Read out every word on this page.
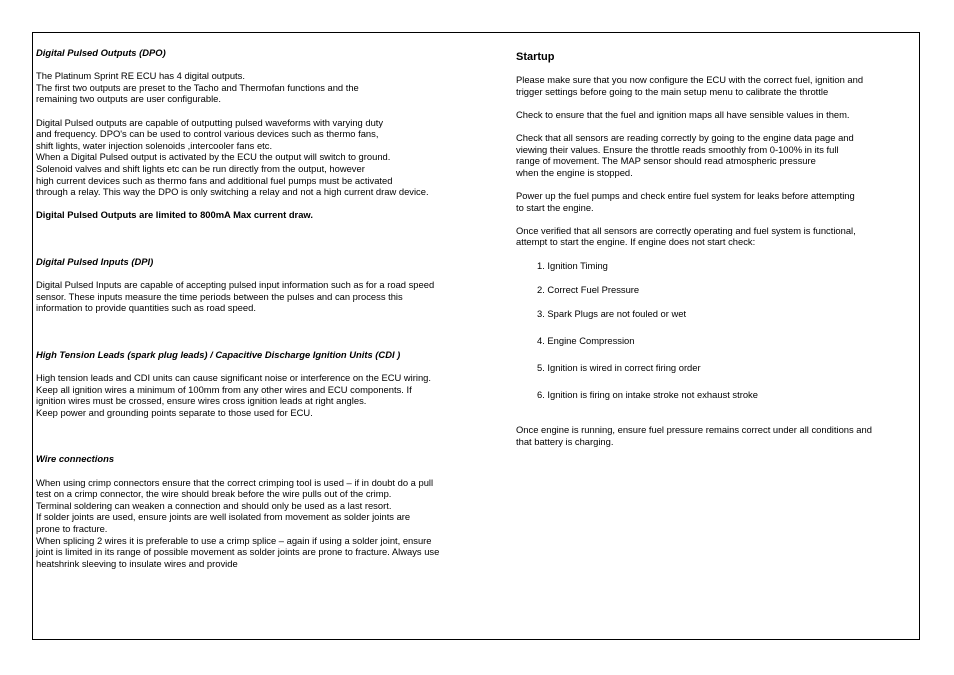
Digital Pulsed Outputs (DPO)
The Platinum Sprint RE ECU has 4 digital outputs.
The first two outputs are preset to the Tacho and Thermofan functions and the
remaining two outputs are user configurable.
Digital Pulsed outputs are capable of outputting pulsed waveforms with varying duty
and frequency. DPO's can be used to control various devices such as thermo fans,
shift lights, water injection solenoids ,intercooler fans etc.
When a Digital Pulsed output is activated by the ECU the output will switch to ground.
Solenoid valves and shift lights etc can be run directly from the output, however
high current devices such as thermo fans and additional fuel pumps must be activated
through a relay. This way the DPO is only switching a relay and not a high current draw device.
Digital Pulsed Outputs are limited to 800mA Max current draw.
Digital Pulsed Inputs (DPI)
Digital Pulsed Inputs are capable of accepting pulsed input information such as for a road speed
sensor. These inputs measure the time periods between the pulses and can process this
information to provide quantities such as road speed.
High Tension Leads (spark plug leads) / Capacitive Discharge Ignition Units (CDI )
High tension leads and CDI units can cause significant noise or interference on the ECU wiring.
Keep all ignition wires a minimum of 100mm from any other wires and ECU components. If
ignition wires must be crossed, ensure wires cross ignition leads at right angles.
Keep power and grounding points separate to those used for ECU.
Wire connections
When using crimp connectors ensure that the correct crimping tool is used – if in doubt do a pull
test on a crimp connector, the wire should break before the wire pulls out of the crimp.
Terminal soldering can weaken a connection and should only be used as a last resort.
If solder joints are used, ensure joints are well isolated from movement as solder joints are
prone to fracture.
When splicing 2 wires it is preferable to use a crimp splice – again if using a solder joint, ensure
joint is limited in its range of possible movement as solder joints are prone to fracture. Always use
heatshrink sleeving to insulate wires and provide
Startup
Please make sure that you now configure the ECU with the correct fuel, ignition and
trigger settings before going to the main setup menu to calibrate the throttle
Check to ensure that the fuel and ignition maps all have sensible values in them.
Check that all sensors are reading correctly by going to the engine data page and
viewing their values. Ensure the throttle reads smoothly from 0-100% in its full
range of movement. The MAP sensor should read atmospheric pressure
when the engine is stopped.
Power up the fuel pumps and check entire fuel system for leaks before attempting
to start the engine.
Once verified that all sensors are correctly operating and fuel system is functional,
attempt to start the engine. If engine does not start check:
1. Ignition Timing
2. Correct Fuel Pressure
3. Spark Plugs are not fouled or wet
4. Engine Compression
5. Ignition is wired in correct firing order
6. Ignition is firing on intake stroke not exhaust stroke
Once engine is running, ensure fuel pressure remains correct under all conditions and
that battery is charging.
